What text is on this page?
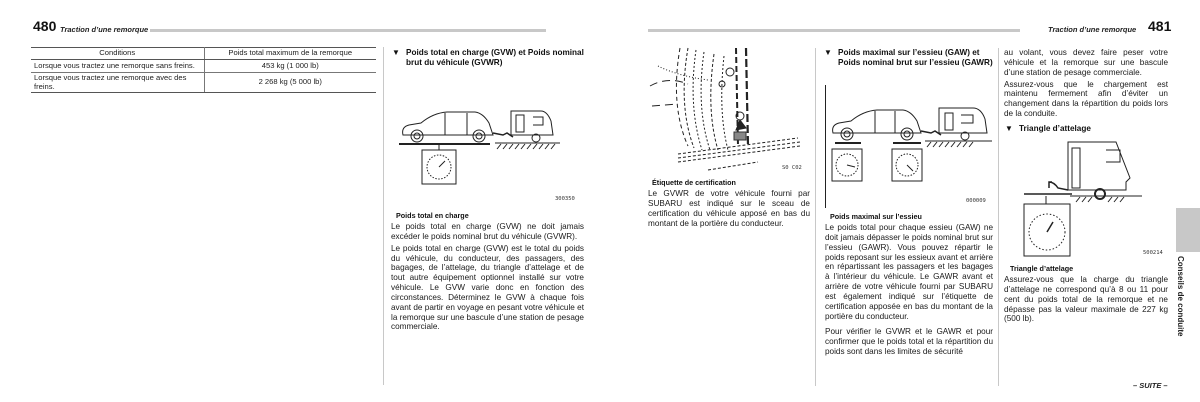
480 Traction d’une remorque
Conditions	Poids total maximum de la remorque
Lorsque vous tractez une remorque sans freins.	453 kg (1 000 lb)
Lorsque vous tractez une remorque avec des freins.	2 268 kg (5 000 lb)
▼ Poids total en charge (GVW) et Poids nominal brut du véhicule (GVWR)
300350
Poids total en charge

Le poids total en charge (GVW) ne doit jamais excéder le poids nominal brut du véhicule (GVWR).

Le poids total en charge (GVW) est le total du poids du véhicule, du conducteur, des passagers, des bagages, de l’attelage, du triangle d’attelage et de tout autre équipement optionnel installé sur votre véhicule. Le GVW varie donc en fonction des circonstances. Déterminez le GVW à chaque fois avant de partir en voyage en pesant votre véhicule et la remorque sur une bascule d’une station de pesage commerciale.

Traction d’une remorque 481
S0 C02
Étiquette de certification

Le GVWR de votre véhicule fourni par SUBARU est indiqué sur le sceau de certification du véhicule apposé en bas du montant de la portière du conducteur.

▼ Poids maximal sur l’essieu (GAW) et Poids nominal brut sur l’essieu (GAWR)
000009
Poids maximal sur l’essieu

Le poids total pour chaque essieu (GAW) ne doit jamais dépasser le poids nominal brut sur l’essieu (GAWR). Vous pouvez répartir le poids reposant sur les essieux avant et arrière en répartissant les passagers et les bagages à l’intérieur du véhicule. Le GAWR avant et arrière de votre véhicule fourni par SUBARU est également indiqué sur l’étiquette de certification apposée en bas du montant de la portière du conducteur.

Pour vérifier le GVWR et le GAWR et pour confirmer que le poids total et la répartition du poids sont dans les limites de sécurité

au volant, vous devez faire peser votre véhicule et la remorque sur une bascule d’une station de pesage commerciale.

Assurez-vous que le chargement est maintenu fermement afin d’éviter un changement dans la répartition du poids lors de la conduite.

▼ Triangle d’attelage
500214
Triangle d’attelage

Assurez-vous que la charge du triangle d’attelage ne correspond qu’à 8 ou 11 pour cent du poids total de la remorque et ne dépasse pas la valeur maximale de 227 kg (500 lb).	Conseils de conduite
– SUITE –
